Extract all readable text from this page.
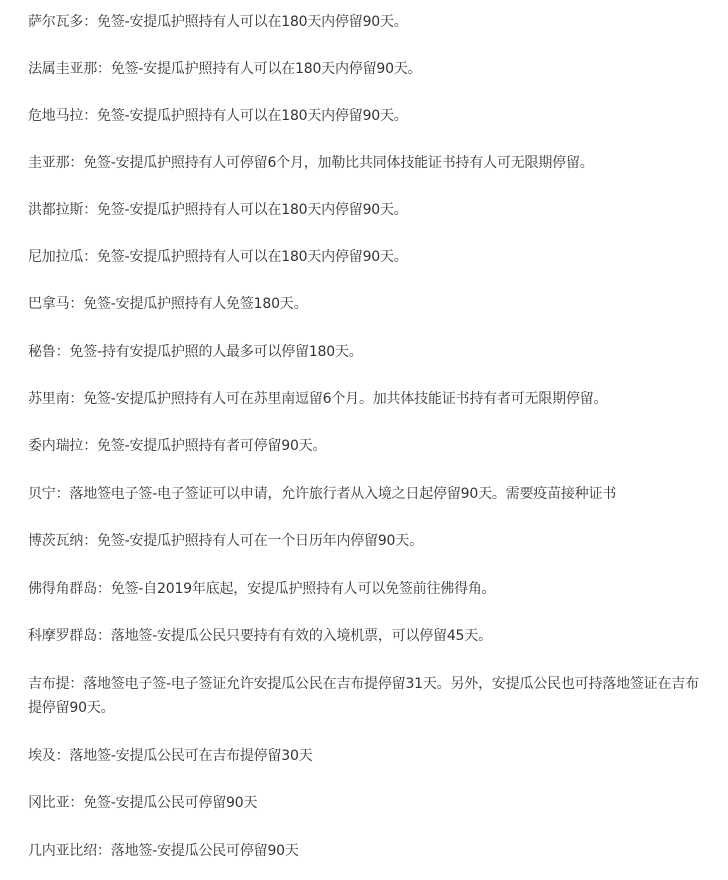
萨尔瓦多：免签-安提瓜护照持有人可以在180天内停留90天。

法属圭亚那：免签-安提瓜护照持有人可以在180天内停留90天。

危地马拉：免签-安提瓜护照持有人可以在180天内停留90天。

圭亚那：免签-安提瓜护照持有人可停留6个月，加勒比共同体技能证书持有人可无限期停留。

洪都拉斯：免签-安提瓜护照持有人可以在180天内停留90天。

尼加拉瓜：免签-安提瓜护照持有人可以在180天内停留90天。

巴拿马：免签-安提瓜护照持有人免签180天。

秘鲁：免签-持有安提瓜护照的人最多可以停留180天。

苏里南：免签-安提瓜护照持有人可在苏里南逗留6个月。加共体技能证书持有者可无限期停留。

委内瑞拉：免签-安提瓜护照持有者可停留90天。

贝宁：落地签电子签-电子签证可以申请，允许旅行者从入境之日起停留90天。需要疫苗接种证书

博茨瓦纳：免签-安提瓜护照持有人可在一个日历年内停留90天。

佛得角群岛：免签-自2019年底起，安提瓜护照持有人可以免签前往佛得角。

科摩罗群岛：落地签-安提瓜公民只要持有有效的入境机票，可以停留45天。

吉布提：落地签电子签-电子签证允许安提瓜公民在吉布提停留31天。另外，安提瓜公民也可持落地签证在吉布提停留90天。

埃及：落地签-安提瓜公民可在吉布提停留30天

冈比亚：免签-安提瓜公民可停留90天

几内亚比绍：落地签-安提瓜公民可停留90天
